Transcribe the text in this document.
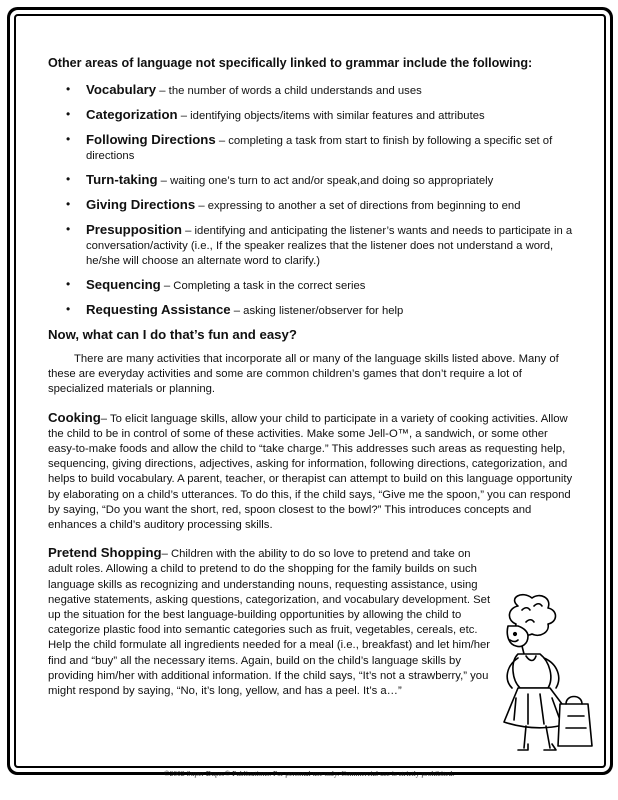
Other areas of language not specifically linked to grammar include the following:

• Vocabulary – the number of words a child understands and uses
• Categorization – identifying objects/items with similar features and attributes
• Following Directions – completing a task from start to finish by following a specific set of directions
• Turn-taking – waiting one’s turn to act and/or speak,and doing so appropriately
• Giving Directions – expressing to another a set of directions from beginning to end
• Presupposition – identifying and anticipating the listener’s wants and needs to participate in a conversation/activity (i.e., If the speaker realizes that the listener does not understand a word, he/she will choose an alternate word to clarify.)
• Sequencing – Completing a task in the correct series
• Requesting Assistance – asking listener/observer for help
Now, what can I do that’s fun and easy?

There are many activities that incorporate all or many of the language skills listed above. Many of these are everyday activities and some are common children’s games that don’t require a lot of specialized materials or planning.

Cooking– To elicit language skills, allow your child to participate in a variety of cooking activities. Allow the child to be in control of some of these activities. Make some Jell-O™, a sandwich, or some other easy-to-make foods and allow the child to “take charge.” This addresses such areas as requesting help, sequencing, giving directions, adjectives, asking for information, following directions, categorization, and helps to build vocabulary. A parent, teacher, or therapist can attempt to build on this language opportunity by elaborating on a child’s utterances. To do this, if the child says, “Give me the spoon,” you can respond by saying, “Do you want the short, red, spoon closest to the bowl?” This introduces concepts and enhances a child’s auditory processing skills.

Pretend Shopping– Children with the ability to do so love to pretend and take on adult roles. Allowing a child to pretend to do the shopping for the family builds on such language skills as recognizing and understanding nouns, requesting assistance, using negative statements, asking questions, categorization, and vocabulary development. Set up the situation for the best language-building opportunities by allowing the child to categorize plastic food into semantic categories such as fruit, vegetables, cereals, etc. Help the child formulate all ingredients needed for a meal (i.e., breakfast) and let him/her find and “buy” all the necessary items. Again, build on the child’s language skills by providing him/her with additional information. If the child says, “It’s not a strawberry,” you might respond by saying, “No, it’s long, yellow, and has a peel. It’s a…”

©2002 Super Duper® Publications. For personal use only. Commercial use is strictly prohibited.
